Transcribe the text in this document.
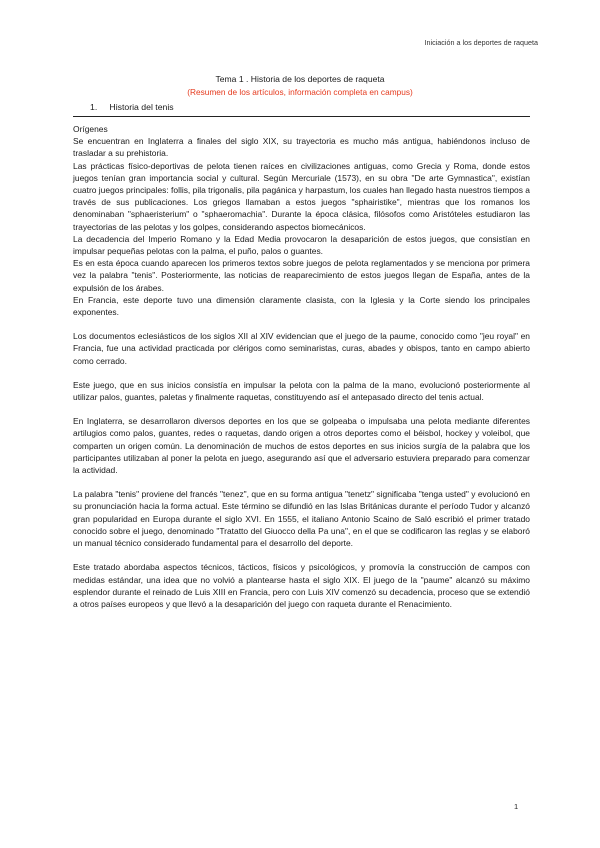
Iniciación a los deportes de raqueta
Tema 1 . Historia de los deportes de raqueta
(Resumen de los artículos, información completa en campus)
1. Historia del tenis

Orígenes

Se encuentran en Inglaterra a finales del siglo XIX, su trayectoria es mucho más antigua, habiéndonos incluso de trasladar a su prehistoria.

Las prácticas físico-deportivas de pelota tienen raíces en civilizaciones antiguas, como Grecia y Roma, donde estos juegos tenían gran importancia social y cultural. Según Mercuriale (1573), en su obra "De arte Gymnastica", existían cuatro juegos principales: follis, pila trigonalis, pila pagánica y harpastum, los cuales han llegado hasta nuestros tiempos a través de sus publicaciones. Los griegos llamaban a estos juegos "sphairistike", mientras que los romanos los denominaban "sphaeristerium" o "sphaeromachia". Durante la época clásica, filósofos como Aristóteles estudiaron las trayectorias de las pelotas y los golpes, considerando aspectos biomecánicos.

La decadencia del Imperio Romano y la Edad Media provocaron la desaparición de estos juegos, que consistían en impulsar pequeñas pelotas con la palma, el puño, palos o guantes.

Es en esta época cuando aparecen los primeros textos sobre juegos de pelota reglamentados y se menciona por primera vez la palabra "tenis". Posteriormente, las noticias de reaparecimiento de estos juegos llegan de España, antes de la expulsión de los árabes.

En Francia, este deporte tuvo una dimensión claramente clasista, con la Iglesia y la Corte siendo los principales exponentes.

Los documentos eclesiásticos de los siglos XII al XIV evidencian que el juego de la paume, conocido como "jeu royal" en Francia, fue una actividad practicada por clérigos como seminaristas, curas, abades y obispos, tanto en campo abierto como cerrado.

Este juego, que en sus inicios consistía en impulsar la pelota con la palma de la mano, evolucionó posteriormente al utilizar palos, guantes, paletas y finalmente raquetas, constituyendo así el antepasado directo del tenis actual.

En Inglaterra, se desarrollaron diversos deportes en los que se golpeaba o impulsaba una pelota mediante diferentes artilugios como palos, guantes, redes o raquetas, dando origen a otros deportes como el béisbol, hockey y voleibol, que comparten un origen común. La denominación de muchos de estos deportes en sus inicios surgía de la palabra que los participantes utilizaban al poner la pelota en juego, asegurando así que el adversario estuviera preparado para comenzar la actividad.

La palabra "tenis" proviene del francés "tenez", que en su forma antigua "tenetz" significaba "tenga usted" y evolucionó en su pronunciación hacia la forma actual. Este término se difundió en las Islas Británicas durante el período Tudor y alcanzó gran popularidad en Europa durante el siglo XVI. En 1555, el italiano Antonio Scaino de Saló escribió el primer tratado conocido sobre el juego, denominado "Tratatto del Giuocco della Pa una", en el que se codificaron las reglas y se elaboró un manual técnico considerado fundamental para el desarrollo del deporte.

Este tratado abordaba aspectos técnicos, tácticos, físicos y psicológicos, y promovía la construcción de campos con medidas estándar, una idea que no volvió a plantearse hasta el siglo XIX. El juego de la "paume" alcanzó su máximo esplendor durante el reinado de Luis XIII en Francia, pero con Luis XIV comenzó su decadencia, proceso que se extendió a otros países europeos y que llevó a la desaparición del juego con raqueta durante el Renacimiento.

1
